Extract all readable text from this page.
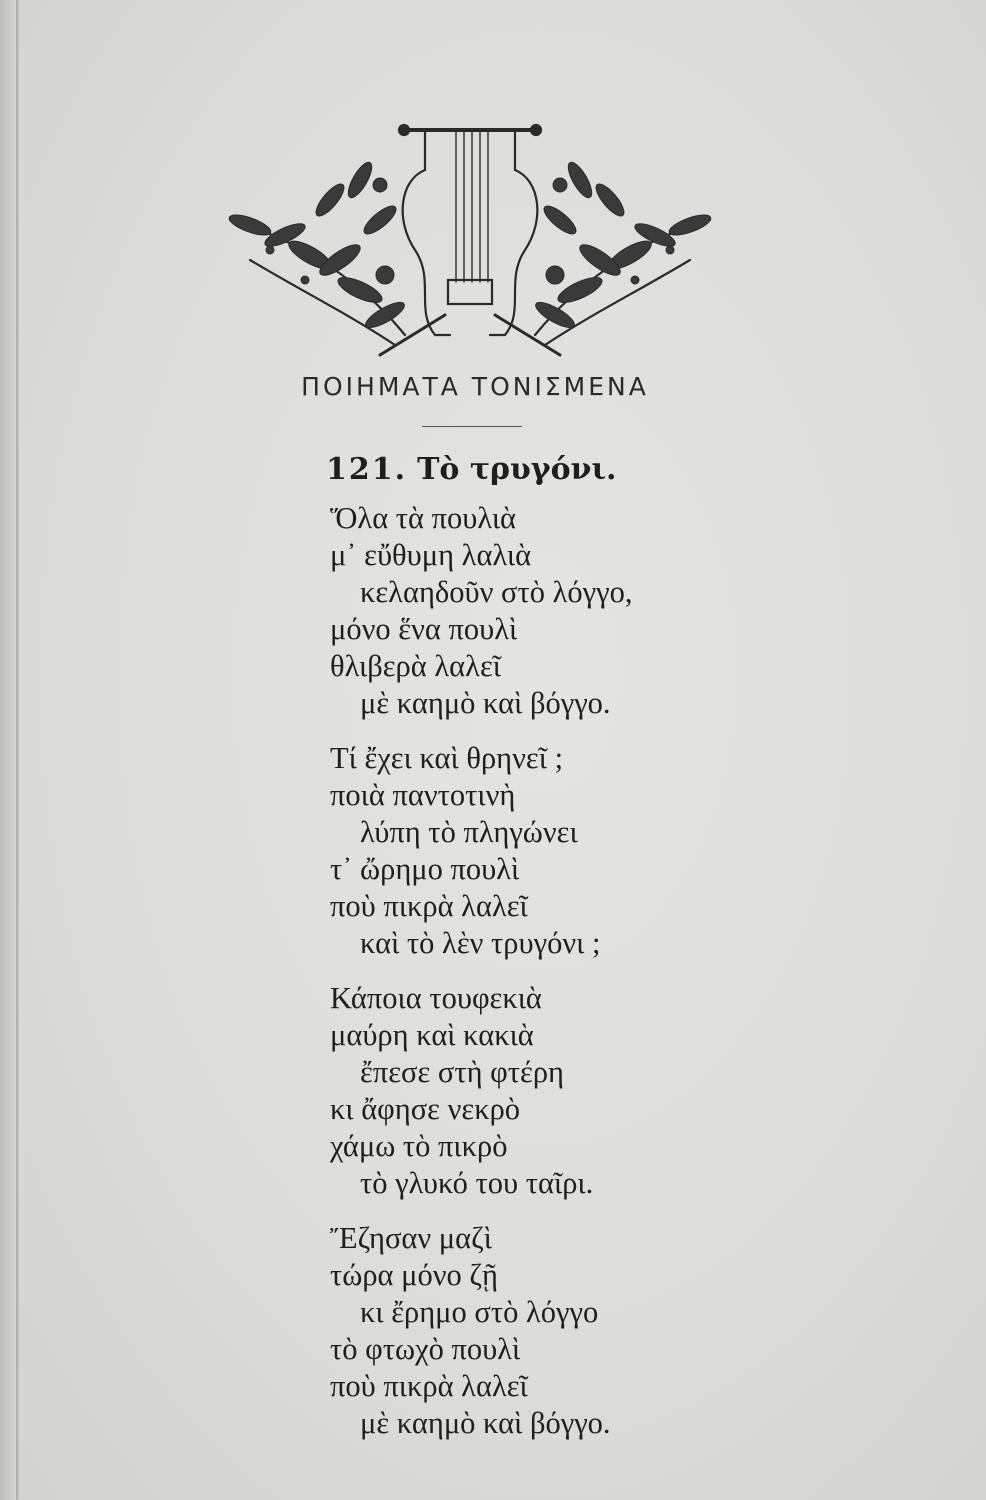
ΠΟΙΗΜΑΤΑ ΤΟΝΙΣΜΕΝΑ
121. Τὸ τρυγόνι.
Ὅλα τὰ πουλιὰ
μ᾽ εὔθυμη λαλιὰ
κελαηδοῦν στὸ λόγγο,
μόνο ἕνα πουλὶ
θλιβερὰ λαλεῖ
μὲ καημὸ καὶ βόγγο.
Τί ἔχει καὶ θρηνεῖ ;
ποιὰ παντοτινὴ
λύπη τὸ πληγώνει
τ᾽ ὤρημο πουλὶ
ποὺ πικρὰ λαλεῖ
καὶ τὸ λὲν τρυγόνι ;
Κάποια τουφεκιὰ
μαύρη καὶ κακιὰ
ἔπεσε στὴ φτέρη
κι ἄφησε νεκρὸ
χάμω τὸ πικρὸ
τὸ γλυκό του ταῖρι.
Ἔζησαν μαζὶ
τώρα μόνο ζῇ
κι ἔρημο στὸ λόγγο
τὸ φτωχὸ πουλὶ
ποὺ πικρὰ λαλεῖ
μὲ καημὸ καὶ βόγγο.
